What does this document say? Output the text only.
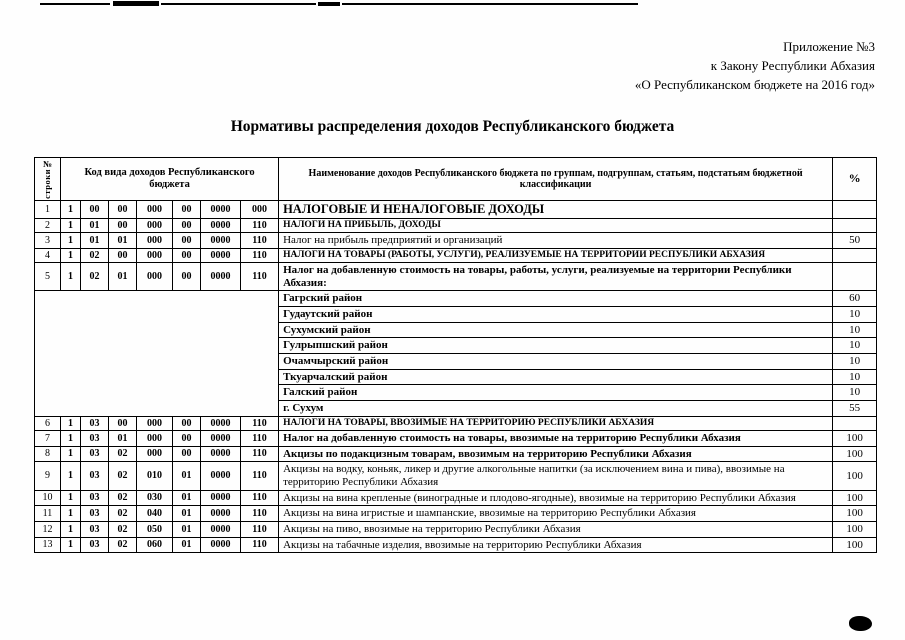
Приложение №3
к Закону Республики Абхазия
«О Республиканском бюджете на 2016 год»
Нормативы распределения доходов Республиканского бюджета
№
строки	Код вида доходов Республиканского бюджета							Наименование доходов Республиканского бюджета по группам, подгруппам, статьям, подстатьям бюджетной классификации	%
1	1	00	00	000	00	0000	000	НАЛОГОВЫЕ И НЕНАЛОГОВЫЕ ДОХОДЫ	
2	1	01	00	000	00	0000	110	НАЛОГИ НА ПРИБЫЛЬ, ДОХОДЫ	
3	1	01	01	000	00	0000	110	Налог на прибыль предприятий и организаций	50
4	1	02	00	000	00	0000	110	НАЛОГИ НА ТОВАРЫ (РАБОТЫ, УСЛУГИ), РЕАЛИЗУЕМЫЕ НА ТЕРРИТОРИИ РЕСПУБЛИКИ АБХАЗИЯ	
5	1	02	01	000	00	0000	110	Налог на добавленную стоимость на товары, работы, услуги, реализуемые на территории Республики Абхазия:	
								Гагрский район	60
								Гудаутский район	10
								Сухумский район	10
								Гулрыпшский район	10
								Очамчырский район	10
								Ткуарчалский район	10
								Галский район	10
								г. Сухум	55
6	1	03	00	000	00	0000	110	НАЛОГИ НА ТОВАРЫ, ВВОЗИМЫЕ НА ТЕРРИТОРИЮ РЕСПУБЛИКИ АБХАЗИЯ	
7	1	03	01	000	00	0000	110	Налог на добавленную стоимость на товары, ввозимые на территорию Республики Абхазия	100
8	1	03	02	000	00	0000	110	Акцизы по подакцизным товарам, ввозимым на территорию Республики Абхазия	100
9	1	03	02	010	01	0000	110	Акцизы на водку, коньяк, ликер и другие алкогольные напитки (за исключением вина и пива), ввозимые на территорию Республики Абхазия	100
10	1	03	02	030	01	0000	110	Акцизы на вина крепленые (виноградные и плодово-ягодные), ввозимые на территорию Республики Абхазия	100
11	1	03	02	040	01	0000	110	Акцизы на вина игристые и шампанские, ввозимые на территорию Республики Абхазия	100
12	1	03	02	050	01	0000	110	Акцизы на пиво, ввозимые на территорию Республики Абхазия	100
13	1	03	02	060	01	0000	110	Акцизы на табачные изделия, ввозимые на территорию Республики Абхазия	100
